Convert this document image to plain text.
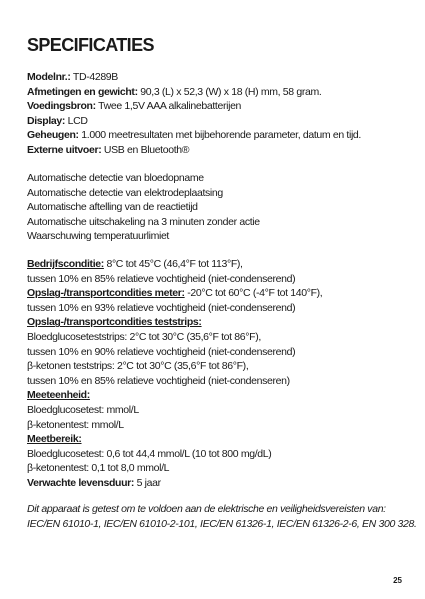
SPECIFICATIES
Modelnr.: TD-4289B
Afmetingen en gewicht: 90,3 (L) x 52,3 (W) x 18 (H) mm, 58 gram.
Voedingsbron: Twee 1,5V AAA alkalinebatterijen
Display: LCD
Geheugen: 1.000 meetresultaten met bijbehorende parameter, datum en tijd.
Externe uitvoer: USB en Bluetooth®
Automatische detectie van bloedopname
Automatische detectie van elektrodeplaatsing
Automatische aftelling van de reactietijd
Automatische uitschakeling na 3 minuten zonder actie
Waarschuwing temperatuurlimiet
Bedrijfsconditie: 8°C tot 45°C (46,4°F tot 113°F),
tussen 10% en 85% relatieve vochtigheid (niet-condenserend)
Opslag-/transportcondities meter: -20°C tot 60°C (-4°F tot 140°F),
tussen 10% en 93% relatieve vochtigheid (niet-condenserend)
Opslag-/transportcondities teststrips:
Bloedglucoseteststrips: 2°C tot 30°C (35,6°F tot 86°F),
tussen 10% en 90% relatieve vochtigheid (niet-condenserend)
β-ketonen teststrips: 2°C tot 30°C (35,6°F tot 86°F),
tussen 10% en 85% relatieve vochtigheid (niet-condenseren)
Meeteenheid:
Bloedglucosetest: mmol/L
β-ketonentest: mmol/L
Meetbereik:
Bloedglucosetest: 0,6 tot 44,4 mmol/L (10 tot 800 mg/dL)
β-ketonentest: 0,1 tot 8,0 mmol/L
Verwachte levensduur: 5 jaar
Dit apparaat is getest om te voldoen aan de elektrische en veiligheidsvereisten van:
IEC/EN 61010-1, IEC/EN 61010-2-101, IEC/EN 61326-1, IEC/EN 61326-2-6, EN 300 328.
25
